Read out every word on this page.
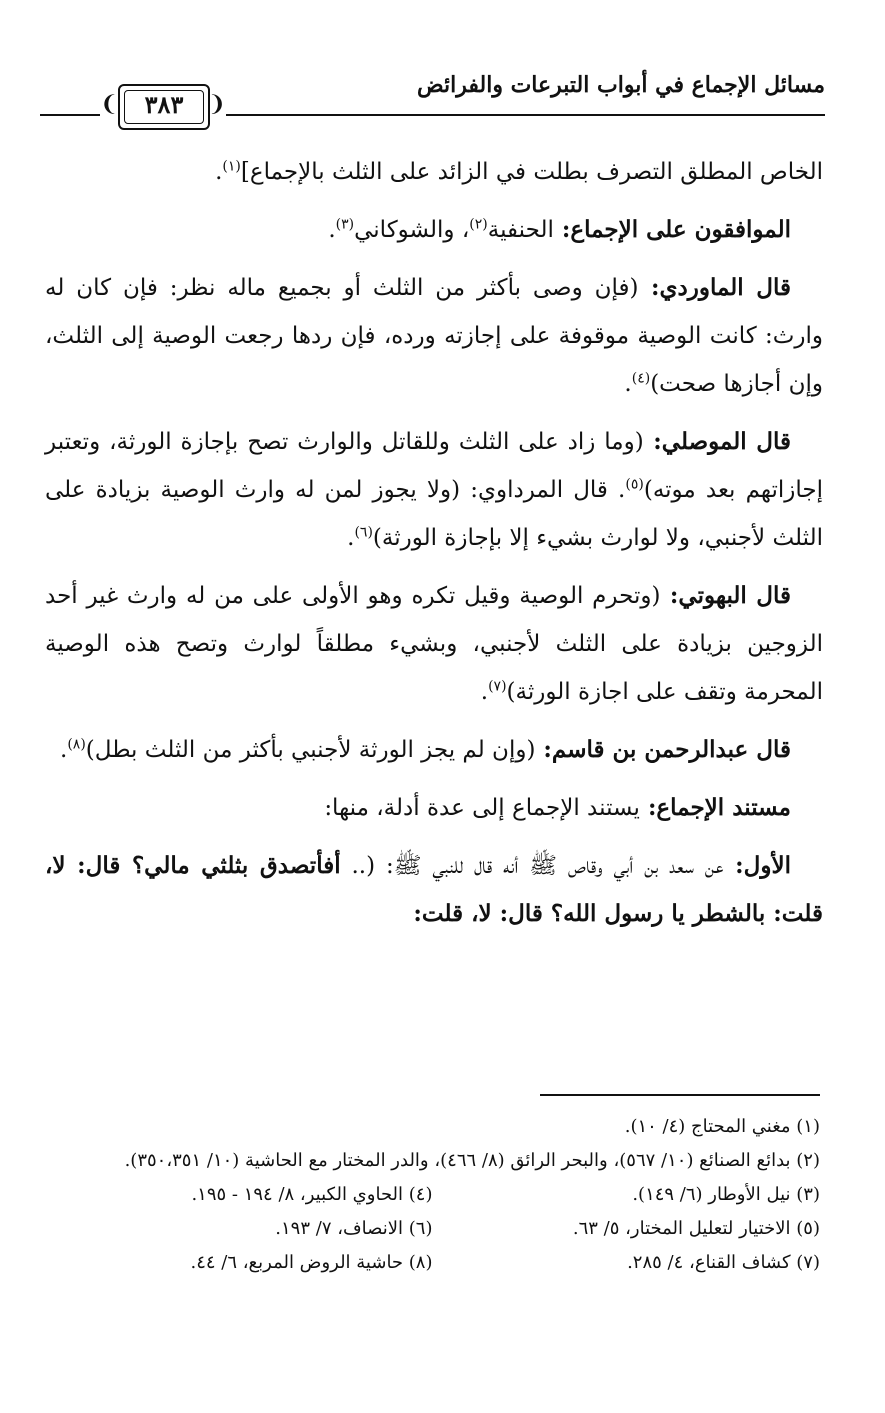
مسائل الإجماع في أبواب التبرعات والفرائض
❨	٣٨٣	❩

الخاص المطلق التصرف بطلت في الزائد على الثلث بالإجماع]$^{(١)}$.

الموافقون على الإجماع: الحنفية$^{(٢)}$، والشوكاني$^{(٣)}$.

قال الماوردي: (فإن وصى بأكثر من الثلث أو بجميع ماله نظر: فإن كان له وارث: كانت الوصية موقوفة على إجازته ورده، فإن ردها رجعت الوصية إلى الثلث، وإن أجازها صحت)$^{(٤)}$.

قال الموصلي: (وما زاد على الثلث وللقاتل والوارث تصح بإجازة الورثة، وتعتبر إجازاتهم بعد موته)$^{(٥)}$. قال المرداوي: (ولا يجوز لمن له وارث الوصية بزيادة على الثلث لأجنبي، ولا لوارث بشيء إلا بإجازة الورثة)$^{(٦)}$.

قال البهوتي: (وتحرم الوصية وقيل تكره وهو الأولى على من له وارث غير أحد الزوجين بزيادة على الثلث لأجنبي، وبشيء مطلقاً لوارث وتصح هذه الوصية المحرمة وتقف على اجازة الورثة)$^{(٧)}$.

قال عبدالرحمن بن قاسم: (وإن لم يجز الورثة لأجنبي بأكثر من الثلث بطل)$^{(٨)}$.

مستند الإجماع: يستند الإجماع إلى عدة أدلة، منها:

الأول: عن سعد بن أبي وقاص ﷺ أنه قال للنبي ﷺ: (.. أفأتصدق بثلثي مالي؟ قال: لا، قلت: بالشطر يا رسول الله؟ قال: لا، قلت:

(١) مغني المحتاج (٤/ ١٠).
(٢) بدائع الصنائع (١٠/ ٥٦٧)، والبحر الرائق (٨/ ٤٦٦)، والدر المختار مع الحاشية (١٠/ ٣٥٠،٣٥١).
(٣) نيل الأوطار (٦/ ١٤٩).
(٤) الحاوي الكبير، ٨/ ١٩٤ - ١٩٥.
(٥) الاختيار لتعليل المختار، ٥/ ٦٣.
(٦) الانصاف، ٧/ ١٩٣.
(٧) كشاف القناع، ٤/ ٢٨٥.
(٨) حاشية الروض المربع، ٦/ ٤٤.
